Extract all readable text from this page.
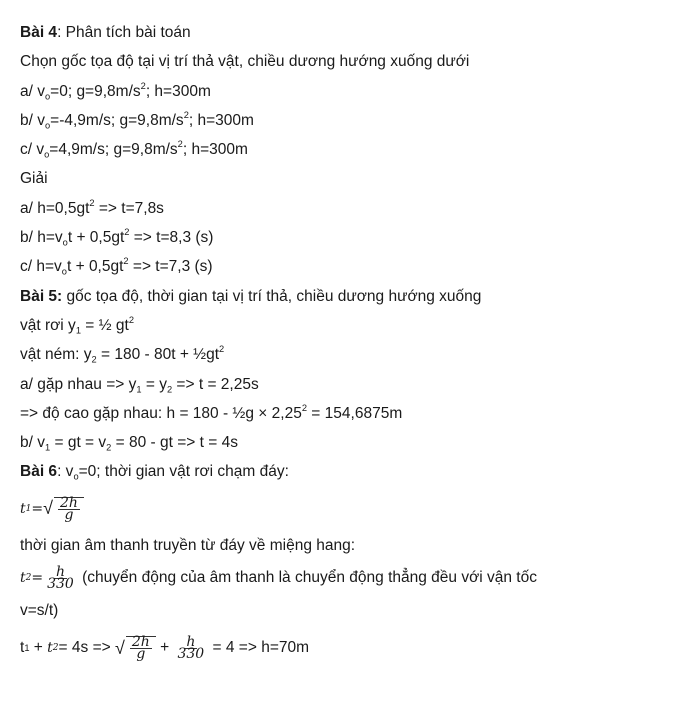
Bài 4: Phân tích bài toán
Chọn gốc tọa độ tại vị trí thả vật, chiều dương hướng xuống dưới
a/ $v_o=0$; $g=9,8m/s^2$; h=300m
b/ $v_o=-4,9m/s$; $g=9,8m/s^2$; h=300m
c/ $v_o=4,9m/s$; $g=9,8m/s^2$; h=300m
Giải
a/ $h=0,5gt^2 => t=7,8s$
b/ $h=v_ot + 0,5gt^2 => t=8,3$ (s)
c/ $h=v_ot + 0,5gt^2 => t=7,3$ (s)
Bài 5: gốc tọa độ, thời gian tại vị trí thả, chiều dương hướng xuống
vật rơi $y_1$ = ½ $gt^2$
vật ném: $y_2 = 180 - 80t$ + $\frac{1}{2}gt^2$
a/ gặp nhau => $y_1 = y_2 => t = 2,25s$
=> độ cao gặp nhau: h = 180 - ½g × $2,25^2 = 154,6875m$
b/ $v_1$ = gt = $v_2 = 80$ - gt => t = 4s
Bài 6: $v_o=0$; thời gian vật rơi chạm đáy:
t 1 = √ $\frac{2h}{g}$
thời gian âm thanh truyền từ đáy về miệng hang:
t $2 = \frac{h}{330}$ (chuyển động của âm thanh là chuyển động thẳng đều với vận tốc
v=s/t)
t 1 + t 2 = 4s => √ $\frac{2h}{g} + \frac{h}{330} = 4 => h=70m$
